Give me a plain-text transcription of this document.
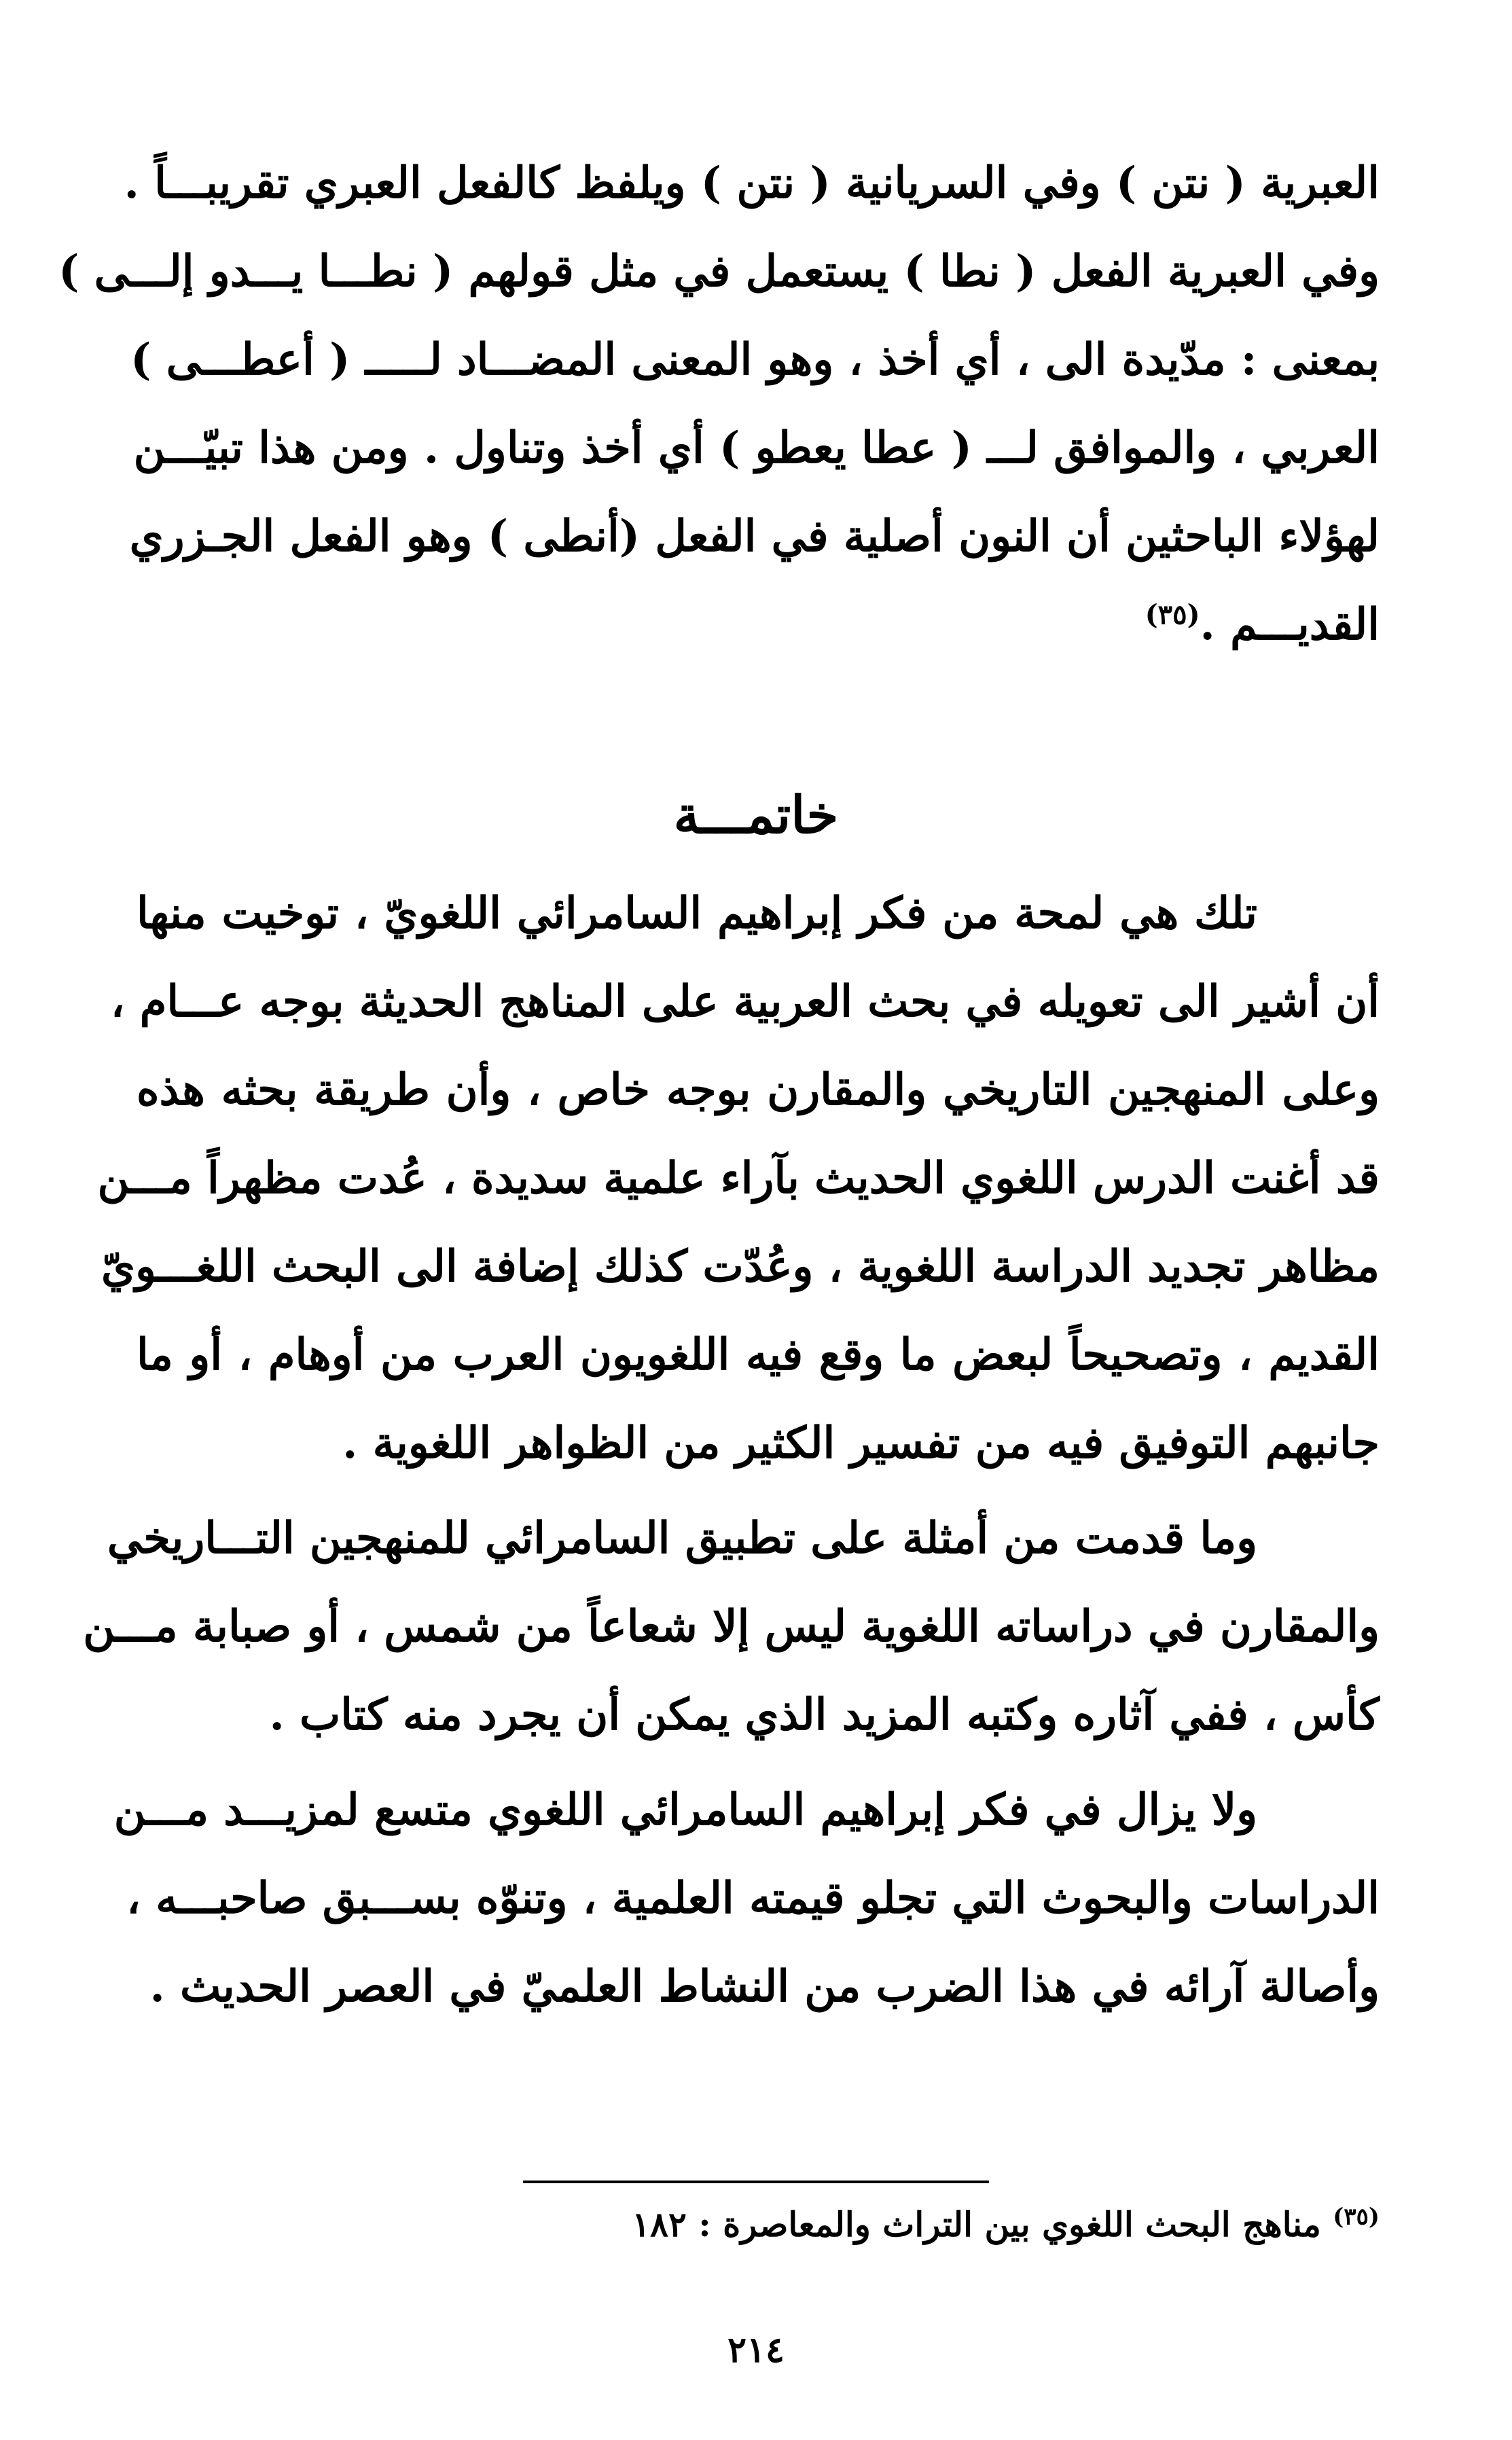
العبرية ( نتن ) وفي السريانية ( نتن ) ويلفظ كالفعل العبري تقريبـــاً .
وفي العبرية الفعل ( نطا ) يستعمل في مثل قولهم ( نطـــا يـــدو إلـــى )
بمعنى : مدّيدة الى ، أي أخذ ، وهو المعنى المضـــاد لـــــ ( أعطـــى )
العربي ، والموافق لـــ ( عطا يعطو ) أي أخذ وتناول . ومن هذا تبيّـــن
لهؤلاء الباحثين أن النون أصلية في الفعل (أنطى ) وهو الفعل الجـزري
القديـــم .$^{(٣٥)}$
خاتمـــة
تلك هي لمحة من فكر إبراهيم السامرائي اللغويّ ، توخيت منها
أن أشير الى تعويله في بحث العربية على المناهج الحديثة بوجه عـــام ،
وعلى المنهجين التاريخي والمقارن بوجه خاص ، وأن طريقة بحثه هذه
قد أغنت الدرس اللغوي الحديث بآراء علمية سديدة ، عُدت مظهراً مـــن
مظاهر تجديد الدراسة اللغوية ، وعُدّت كذلك إضافة الى البحث اللغـــويّ
القديم ، وتصحيحاً لبعض ما وقع فيه اللغويون العرب من أوهام ، أو ما
جانبهم التوفيق فيه من تفسير الكثير من الظواهر اللغوية .
وما قدمت من أمثلة على تطبيق السامرائي للمنهجين التـــاريخي
والمقارن في دراساته اللغوية ليس إلا شعاعاً من شمس ، أو صبابة مـــن
كأس ، ففي آثاره وكتبه المزيد الذي يمكن أن يجرد منه كتاب .
ولا يزال في فكر إبراهيم السامرائي اللغوي متسع لمزيـــد مـــن
الدراسات والبحوث التي تجلو قيمته العلمية ، وتنوّه بســـبق صاحبـــه ،
وأصالة آرائه في هذا الضرب من النشاط العلميّ في العصر الحديث .
$^{(٣٥)}$ مناهج البحث اللغوي بين التراث والمعاصرة : ١٨٢
٢١٤
